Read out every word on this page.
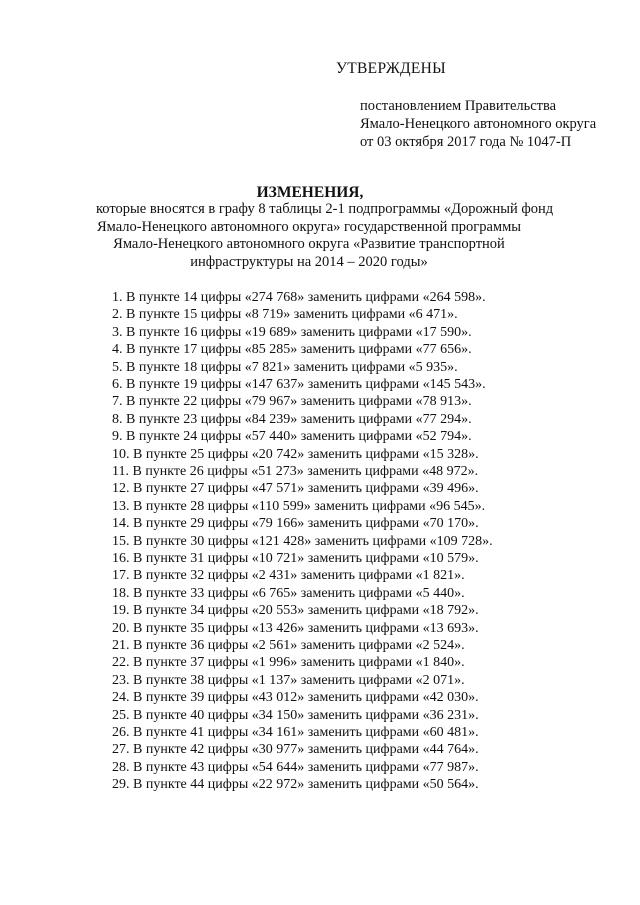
УТВЕРЖДЕНЫ

постановлением Правительства
Ямало-Ненецкого автономного округа
от 03 октября 2017 года № 1047-П

ИЗМЕНЕНИЯ,

которые вносятся в графу 8 таблицы 2-1 подпрограммы «Дорожный фонд
Ямало-Ненецкого автономного округа» государственной программы
Ямало-Ненецкого автономного округа «Развитие транспортной
инфраструктуры на 2014 – 2020 годы»
1. В пункте 14 цифры «274 768» заменить цифрами «264 598».
2. В пункте 15 цифры «8 719» заменить цифрами «6 471».
3. В пункте 16 цифры «19 689» заменить цифрами «17 590».
4. В пункте 17 цифры «85 285» заменить цифрами «77 656».
5. В пункте 18 цифры «7 821» заменить цифрами «5 935».
6. В пункте 19 цифры «147 637» заменить цифрами «145 543».
7. В пункте 22 цифры «79 967» заменить цифрами «78 913».
8. В пункте 23 цифры «84 239» заменить цифрами «77 294».
9. В пункте 24 цифры «57 440» заменить цифрами «52 794».
10. В пункте 25 цифры «20 742» заменить цифрами «15 328».
11. В пункте 26 цифры «51 273» заменить цифрами «48 972».
12. В пункте 27 цифры «47 571» заменить цифрами «39 496».
13. В пункте 28 цифры «110 599» заменить цифрами «96 545».
14. В пункте 29 цифры «79 166» заменить цифрами «70 170».
15. В пункте 30 цифры «121 428» заменить цифрами «109 728».
16. В пункте 31 цифры «10 721» заменить цифрами «10 579».
17. В пункте 32 цифры «2 431» заменить цифрами «1 821».
18. В пункте 33 цифры «6 765» заменить цифрами «5 440».
19. В пункте 34 цифры «20 553» заменить цифрами «18 792».
20. В пункте 35 цифры «13 426» заменить цифрами «13 693».
21. В пункте 36 цифры «2 561» заменить цифрами «2 524».
22. В пункте 37 цифры «1 996» заменить цифрами «1 840».
23. В пункте 38 цифры «1 137» заменить цифрами «2 071».
24. В пункте 39 цифры «43 012» заменить цифрами «42 030».
25. В пункте 40 цифры «34 150» заменить цифрами «36 231».
26. В пункте 41 цифры «34 161» заменить цифрами «60 481».
27. В пункте 42 цифры «30 977» заменить цифрами «44 764».
28. В пункте 43 цифры «54 644» заменить цифрами «77 987».
29. В пункте 44 цифры «22 972» заменить цифрами «50 564».
